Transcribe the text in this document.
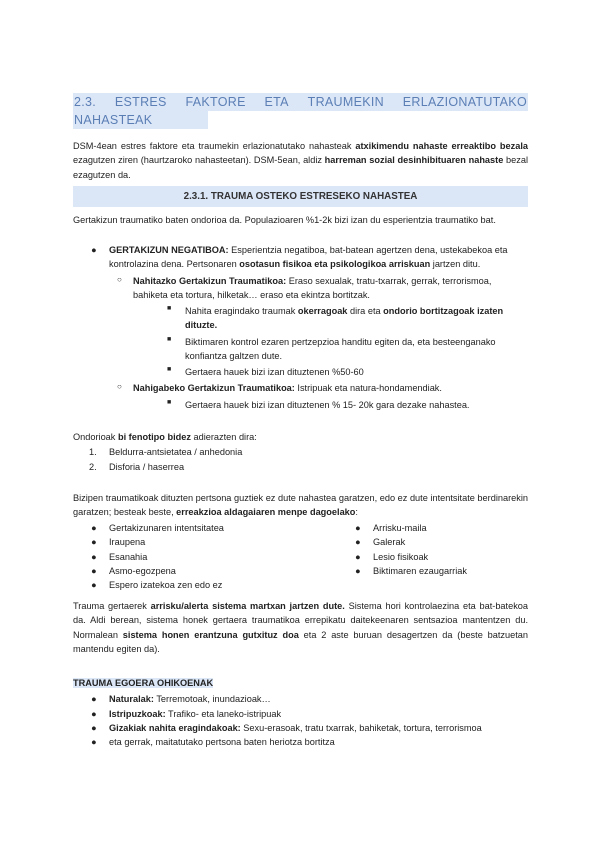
2.3. ESTRES FAKTORE ETA TRAUMEKIN ERLAZIONATUTAKO
NAHASTEAK

DSM-4ean estres faktore eta traumekin erlazionatutako nahasteak atxikimendu nahaste erreaktibo bezala ezagutzen ziren (haurtzaroko nahasteetan). DSM-5ean, aldiz harreman sozial desinhibituaren nahaste bezal ezagutzen da.

2.3.1. TRAUMA OSTEKO ESTRESEKO NAHASTEA

Gertakizun traumatiko baten ondorioa da. Populazioaren %1-2k bizi izan du esperientzia traumatiko bat.

● GERTAKIZUN NEGATIBOA: Esperientzia negatiboa, bat-batean agertzen dena, ustekabekoa eta kontrolazina dena. Pertsonaren osotasun fisikoa eta psikologikoa arriskuan jartzen ditu.
○ Nahitazko Gertakizun Traumatikoa: Eraso sexualak, tratu-txarrak, gerrak, terrorismoa, bahiketa eta tortura, hilketak… eraso eta ekintza bortitzak.
■ Nahita eragindako traumak okerragoak dira eta ondorio bortitzagoak izaten dituzte.
■ Biktimaren kontrol ezaren pertzepzioa handitu egiten da, eta besteenganako konfiantza galtzen dute.
■ Gertaera hauek bizi izan dituztenen %50-60
○ Nahigabeko Gertakizun Traumatikoa: Istripuak eta natura-hondamendiak.
■ Gertaera hauek bizi izan dituztenen % 15- 20k gara dezake nahastea.

Ondorioak bi fenotipo bidez adierazten dira:

1. Beldurra-antsietatea / anhedonia
2. Disforia / haserrea

Bizipen traumatikoak dituzten pertsona guztiek ez dute nahastea garatzen, edo ez dute intentsitate berdinarekin garatzen; besteak beste, erreakzioa aldagaiaren menpe dagoelako:

● Gertakizunaren intentsitatea
● Iraupena
● Esanahia
● Asmo-egozpena
● Espero izatekoa zen edo ez
● Arrisku-maila
● Galerak
● Lesio fisikoak
● Biktimaren ezaugarriak

Trauma gertaerek arrisku/alerta sistema martxan jartzen dute. Sistema hori kontrolaezina eta bat-batekoa da. Aldi berean, sistema honek gertaera traumatikoa errepikatu daitekeenaren sentsazioa mantentzen du. Normalean sistema honen erantzuna gutxituz doa eta 2 aste buruan desagertzen da (beste batzuetan mantendu egiten da).

TRAUMA EGOERA OHIKOENAK

● Naturalak: Terremotoak, inundazioak…
● Istripuzkoak: Trafiko- eta laneko-istripuak
● Gizakiak nahita eragindakoak: Sexu-erasoak, tratu txarrak, bahiketak, tortura, terrorismoa
● eta gerrak, maitatutako pertsona baten heriotza bortitza
